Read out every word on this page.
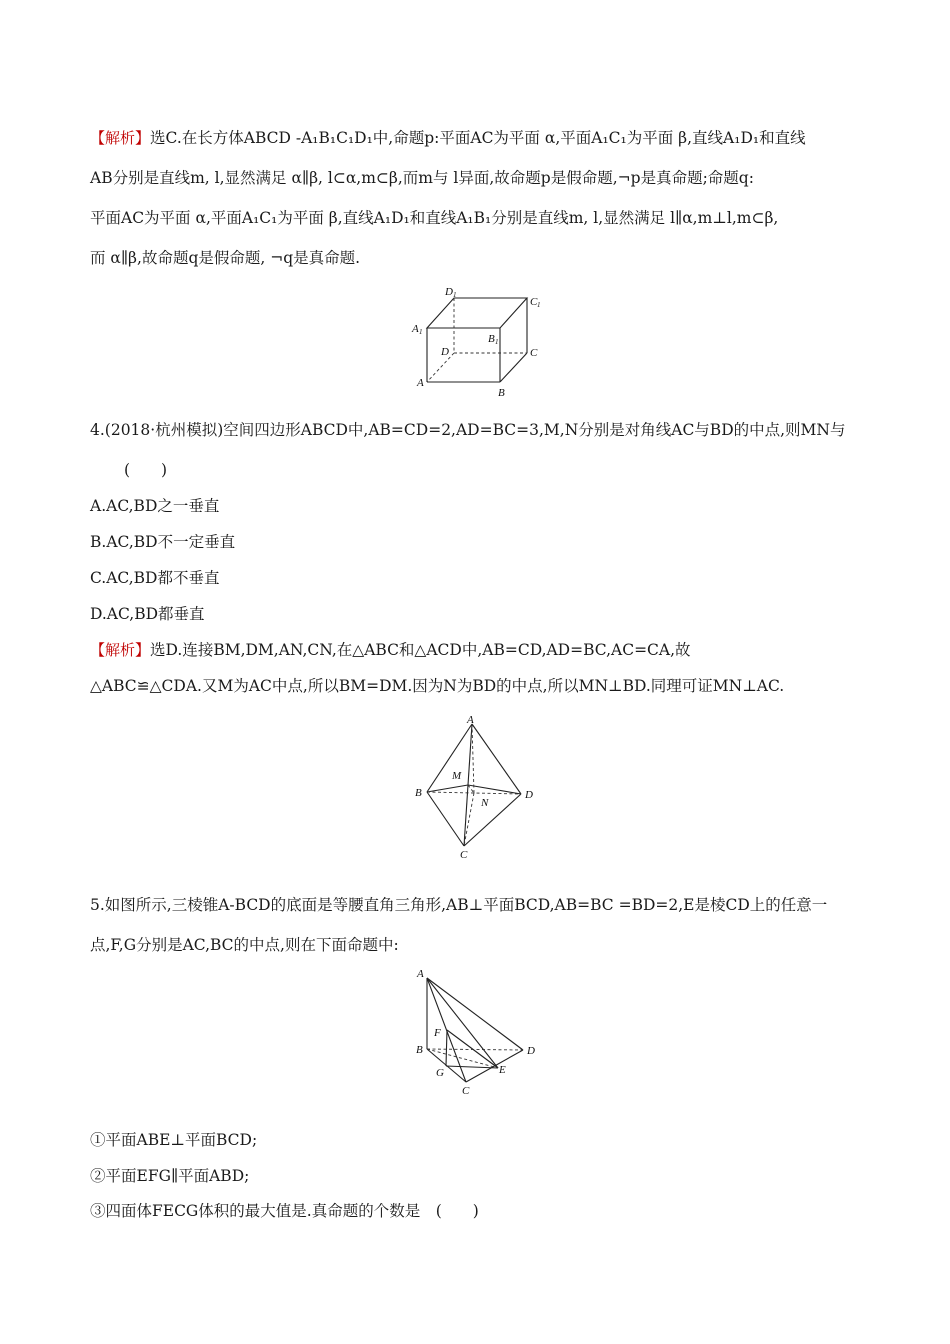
【解析】选C.在长方体ABCD -A₁B₁C₁D₁中,命题p:平面AC为平面 α,平面A₁C₁为平面 β,直线A₁D₁和直线
AB分别是直线m, l,显然满足 α∥β, l⊂α,m⊂β,而m与 l异面,故命题p是假命题,¬p是真命题;命题q:
平面AC为平面 α,平面A₁C₁为平面 β,直线A₁D₁和直线A₁B₁分别是直线m, l,显然满足 l∥α,m⊥l,m⊂β,
而 α∥β,故命题q是假命题, ¬q是真命题.
D 1
C 1
A 1
B 1
D	C
A
B
4.(2018·杭州模拟)空间四边形ABCD中,AB=CD=2,AD=BC=3,M,N分别是对角线AC与BD的中点,则MN与
(　　)
A.AC,BD之一垂直
B.AC,BD不一定垂直
C.AC,BD都不垂直
D.AC,BD都垂直
【解析】选D.连接BM,DM,AN,CN,在△ABC和△ACD中,AB=CD,AD=BC,AC=CA,故
△ABC≌△CDA.又M为AC中点,所以BM=DM.因为N为BD的中点,所以MN⊥BD.同理可证MN⊥AC.
A
B
C
D
M
N
5.如图所示,三棱锥A-BCD的底面是等腰直角三角形,AB⊥平面BCD,AB=BC =BD=2,E是棱CD上的任意一
点,F,G分别是AC,BC的中点,则在下面命题中:
A
B
C
D
E
F
G
①平面ABE⊥平面BCD;
②平面EFG∥平面ABD;
③四面体FECG体积的最大值是.真命题的个数是　(　　)
